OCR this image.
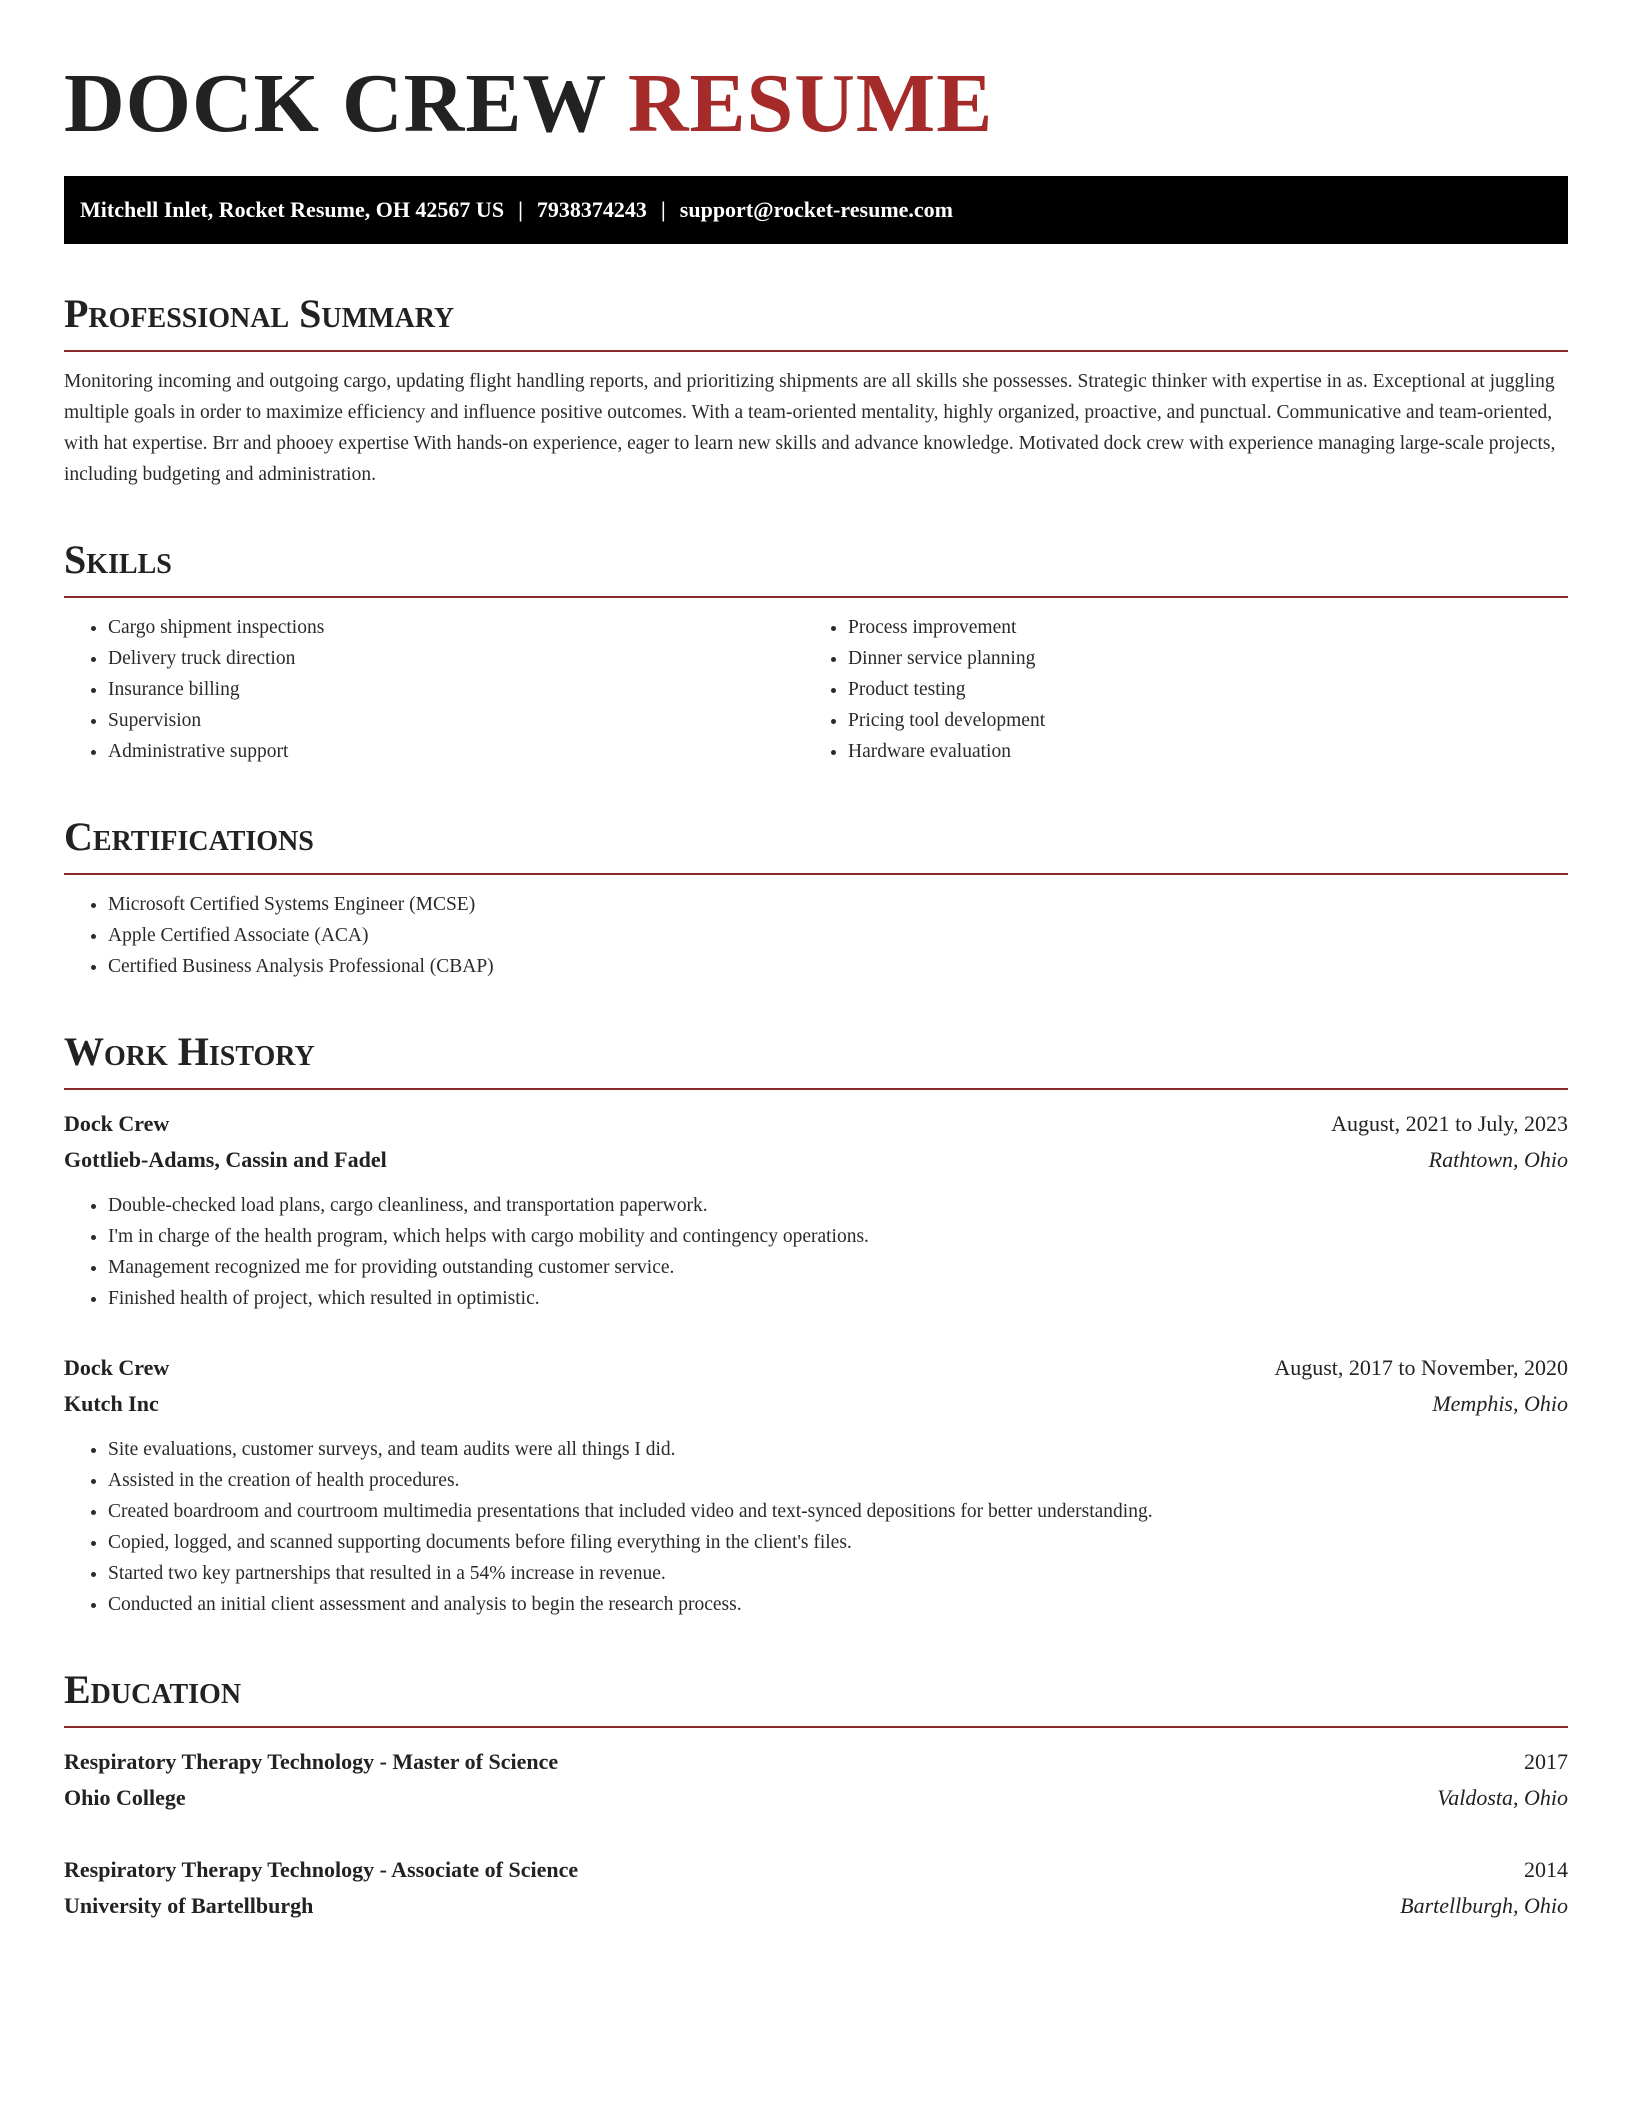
DOCK CREW RESUME
Mitchell Inlet, Rocket Resume, OH 42567 US | 7938374243 | support@rocket-resume.com
Professional Summary

Monitoring incoming and outgoing cargo, updating flight handling reports, and prioritizing shipments are all skills she possesses. Strategic thinker with expertise in as. Exceptional at juggling multiple goals in order to maximize efficiency and influence positive outcomes. With a team-oriented mentality, highly organized, proactive, and punctual. Communicative and team-oriented, with hat expertise. Brr and phooey expertise With hands-on experience, eager to learn new skills and advance knowledge. Motivated dock crew with experience managing large-scale projects, including budgeting and administration.

Skills
• Cargo shipment inspections
• Delivery truck direction
• Insurance billing
• Supervision
• Administrative support
• Process improvement
• Dinner service planning
• Product testing
• Pricing tool development
• Hardware evaluation
Certifications
• Microsoft Certified Systems Engineer (MCSE)
• Apple Certified Associate (ACA)
• Certified Business Analysis Professional (CBAP)
Work History
Dock Crew	August, 2021 to July, 2023
Gottlieb-Adams, Cassin and Fadel	Rathtown, Ohio
• Double-checked load plans, cargo cleanliness, and transportation paperwork.
• I'm in charge of the health program, which helps with cargo mobility and contingency operations.
• Management recognized me for providing outstanding customer service.
• Finished health of project, which resulted in optimistic.
Dock Crew	August, 2017 to November, 2020
Kutch Inc	Memphis, Ohio
• Site evaluations, customer surveys, and team audits were all things I did.
• Assisted in the creation of health procedures.
• Created boardroom and courtroom multimedia presentations that included video and text-synced depositions for better understanding.
• Copied, logged, and scanned supporting documents before filing everything in the client's files.
• Started two key partnerships that resulted in a 54% increase in revenue.
• Conducted an initial client assessment and analysis to begin the research process.
Education
Respiratory Therapy Technology - Master of Science	2017
Ohio College	Valdosta, Ohio
Respiratory Therapy Technology - Associate of Science	2014
University of Bartellburgh	Bartellburgh, Ohio
